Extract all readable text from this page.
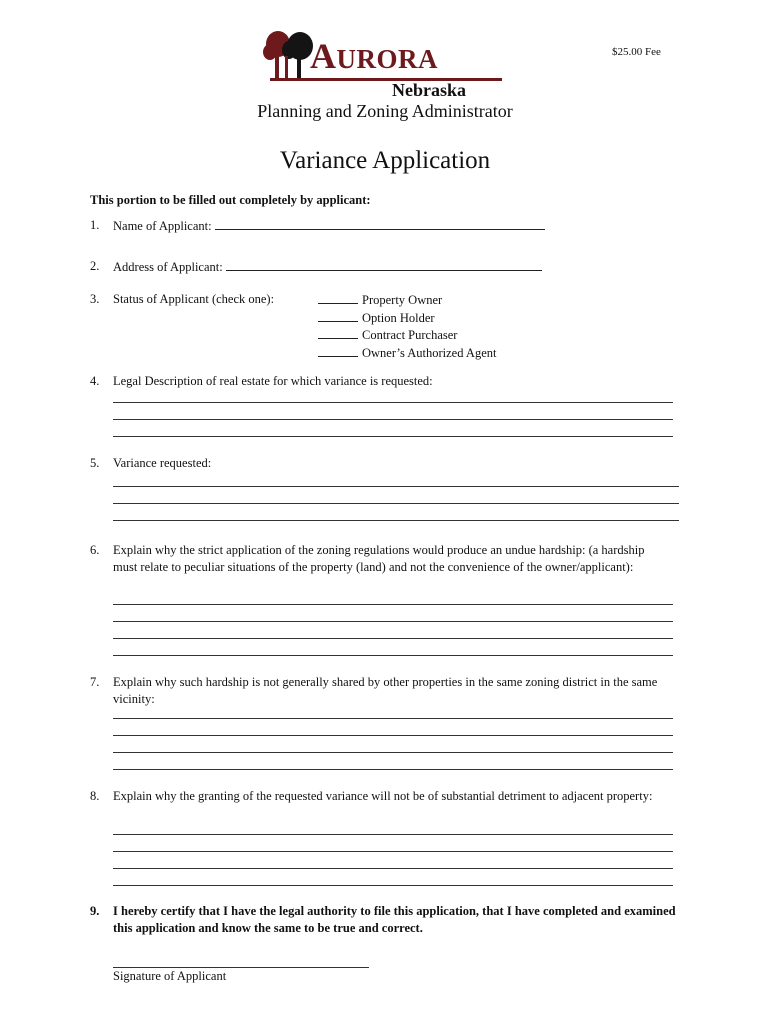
$25.00 Fee
AURORA
Nebraska
Planning and Zoning Administrator
Variance Application
This portion to be filled out completely by applicant:
1.	Name of Applicant:
2.	Address of Applicant:
3.	Status of Applicant (check one):	Property Owner
Option Holder
Contract Purchaser
Owner’s Authorized Agent
4.	Legal Description of real estate for which variance is requested:
5.	Variance requested:
6.	Explain why the strict application of the zoning regulations would produce an undue hardship: (a hardship must relate to peculiar situations of the property (land) and not the convenience of the owner/applicant):
7.	Explain why such hardship is not generally shared by other properties in the same zoning district in the same vicinity:
8.	Explain why the granting of the requested variance will not be of substantial detriment to adjacent property:
9.	I hereby certify that I have the legal authority to file this application, that I have completed and examined this application and know the same to be true and correct.
Signature of Applicant
